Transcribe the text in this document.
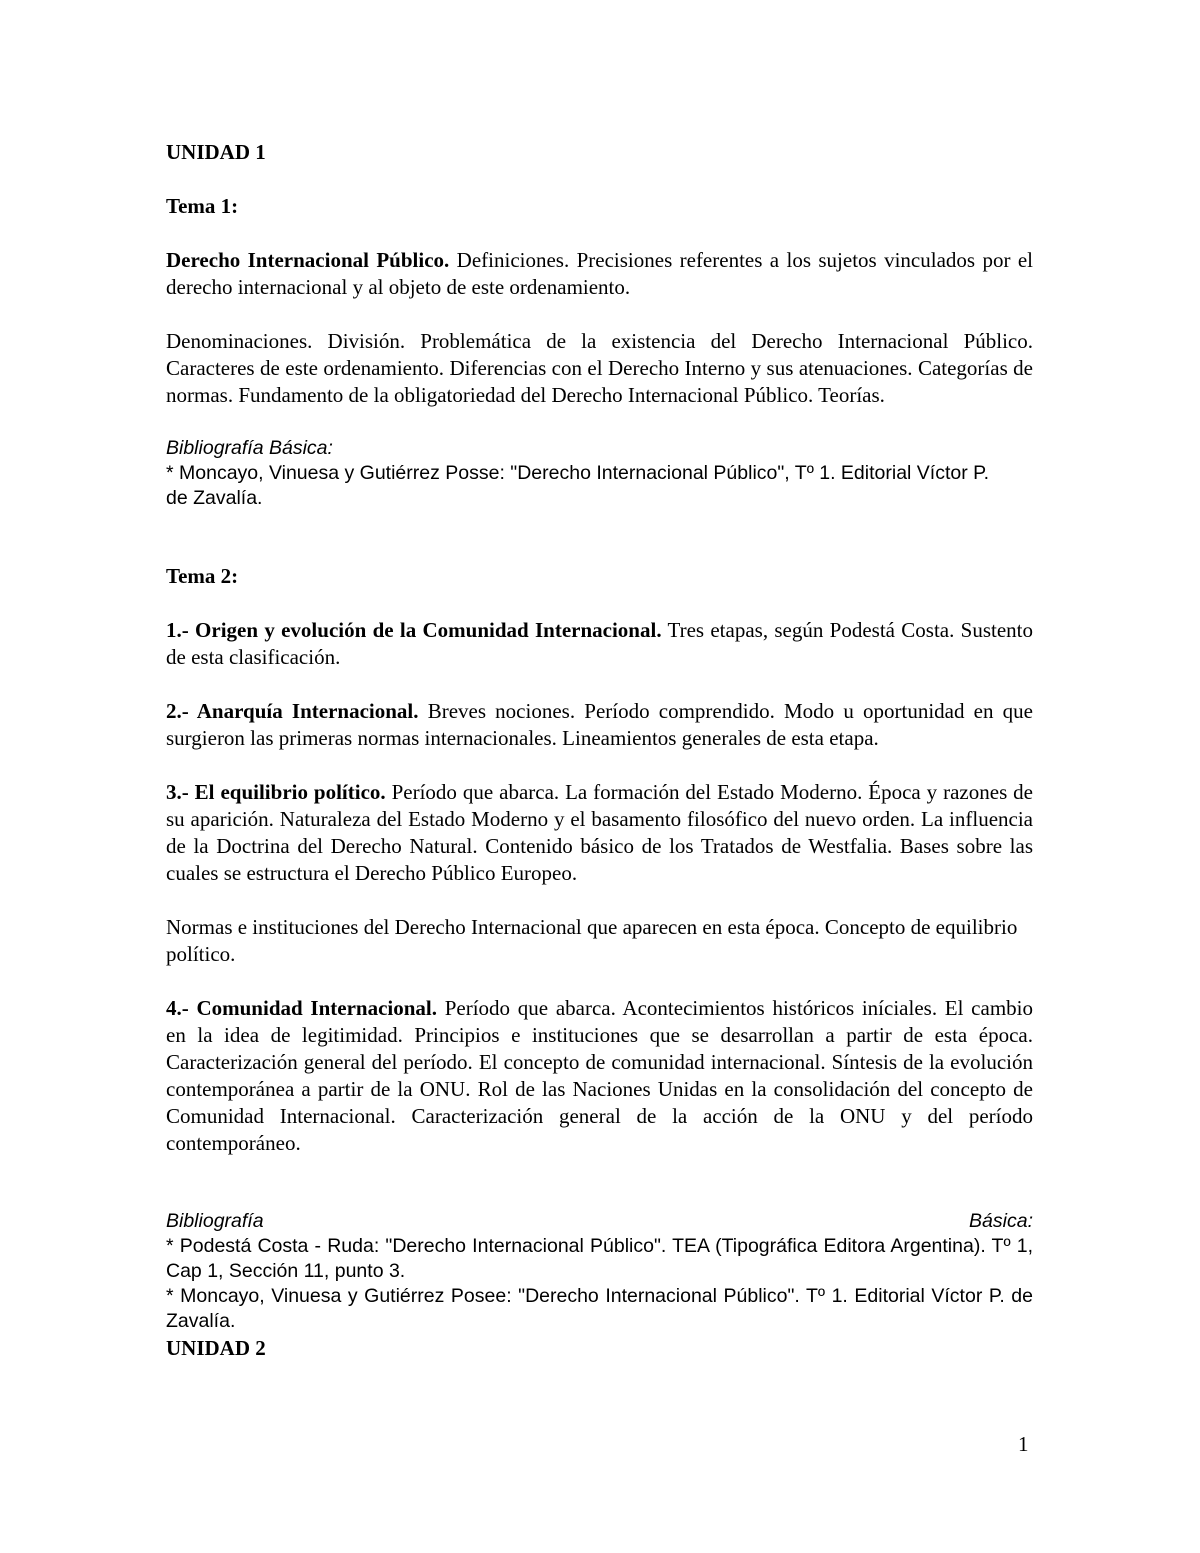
UNIDAD 1

Tema 1:

Derecho Internacional Público. Definiciones. Precisiones referentes a los sujetos vinculados por el derecho internacional y al objeto de este ordenamiento.

Denominaciones. División. Problemática de la existencia del Derecho Internacional Público. Caracteres de este ordenamiento. Diferencias con el Derecho Interno y sus atenuaciones. Categorías de normas. Fundamento de la obligatoriedad del Derecho Internacional Público. Teorías.

Bibliografía Básica:

* Moncayo, Vinuesa y Gutiérrez Posse: "Derecho Internacional Público", Tº 1. Editorial Víctor P. de Zavalía.

Tema 2:

1.- Origen y evolución de la Comunidad Internacional. Tres etapas, según Podestá Costa. Sustento de esta clasificación.

2.- Anarquía Internacional. Breves nociones. Período comprendido. Modo u oportunidad en que surgieron las primeras normas internacionales. Lineamientos generales de esta etapa.

3.- El equilibrio político. Período que abarca. La formación del Estado Moderno. Época y razones de su aparición. Naturaleza del Estado Moderno y el basamento filosófico del nuevo orden. La influencia de la Doctrina del Derecho Natural. Contenido básico de los Tratados de Westfalia. Bases sobre las cuales se estructura el Derecho Público Europeo.

Normas e instituciones del Derecho Internacional que aparecen en esta época. Concepto de equilibrio político.

4.- Comunidad Internacional. Período que abarca. Acontecimientos históricos iníciales. El cambio en la idea de legitimidad. Principios e instituciones que se desarrollan a partir de esta época. Caracterización general del período. El concepto de comunidad internacional. Síntesis de la evolución contemporánea a partir de la ONU. Rol de las Naciones Unidas en la consolidación del concepto de Comunidad Internacional. Caracterización general de la acción de la ONU y del período contemporáneo.

Bibliografía	Básica:

* Podestá Costa - Ruda: "Derecho Internacional Público". TEA (Tipográfica Editora Argentina). Tº 1, Cap 1, Sección 11, punto 3.

* Moncayo, Vinuesa y Gutiérrez Posee: "Derecho Internacional Público". Tº 1. Editorial Víctor P. de Zavalía.

UNIDAD 2

1
